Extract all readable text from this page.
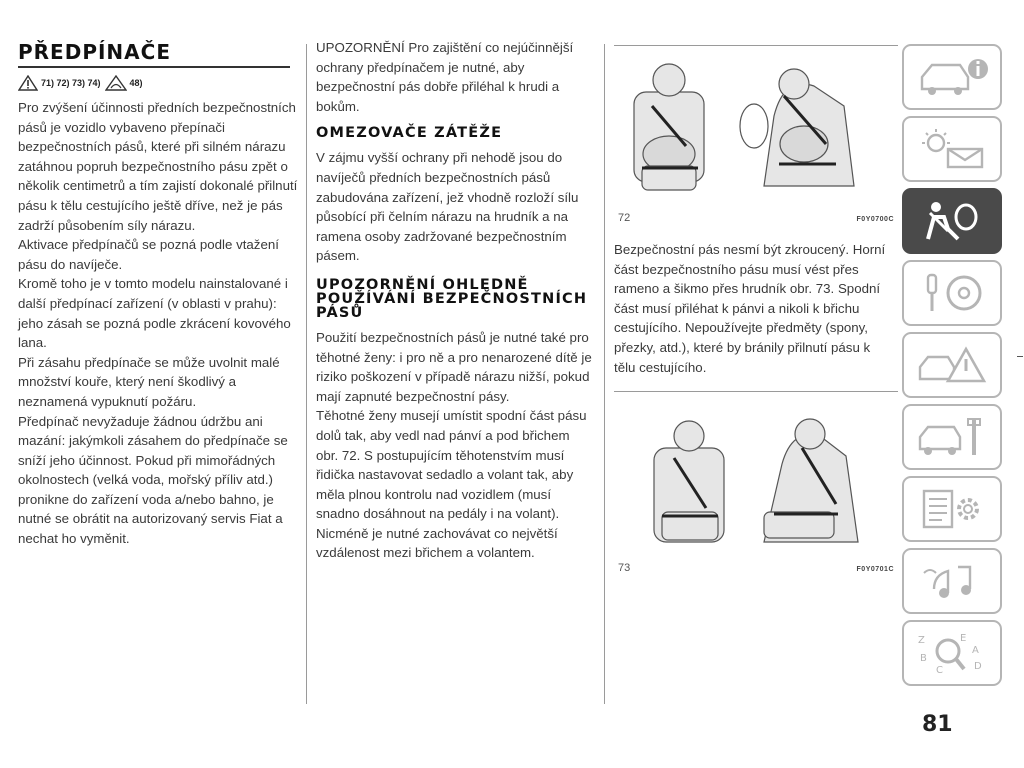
PŘEDPÍNAČE
71) 72) 73) 74)	48)

Pro zvýšení účinnosti předních bezpečnostních pásů je vozidlo vybaveno přepínači bezpečnostních pásů, které při silném nárazu zatáhnou popruh bezpečnostního pásu zpět o několik centimetrů a tím zajistí dokonalé přilnutí pásu k tělu cestujícího ještě dříve, než je pás zadrží působením síly nárazu.

Aktivace předpínačů se pozná podle vtažení pásu do navíječe.

Kromě toho je v tomto modelu nainstalované i další předpínací zařízení (v oblasti v prahu): jeho zásah se pozná podle zkrácení kovového lana.

Při zásahu předpínače se může uvolnit malé množství kouře, který není škodlivý a neznamená vypuknutí požáru.

Předpínač nevyžaduje žádnou údržbu ani mazání: jakýmkoli zásahem do předpínače se sníží jeho účinnost. Pokud při mimořádných okolnostech (velká voda, mořský příliv atd.) pronikne do zařízení voda a/nebo bahno, je nutné se obrátit na autorizovaný servis Fiat a nechat ho vyměnit.

UPOZORNĚNÍ Pro zajištění co nejúčinnější ochrany předpínačem je nutné, aby bezpečnostní pás dobře přiléhal k hrudi a bokům.

OMEZOVAČE ZÁTĚŽE

V zájmu vyšší ochrany při nehodě jsou do navíječů předních bezpečnostních pásů zabudována zařízení, jež vhodně rozloží sílu působící při čelním nárazu na hrudník a na ramena osoby zadržované bezpečnostním pásem.

UPOZORNĚNÍ OHLEDNĚ POUŽÍVÁNÍ BEZPEČNOSTNÍCH PÁSŮ

Použití bezpečnostních pásů je nutné také pro těhotné ženy: i pro ně a pro nenarozené dítě je riziko poškození v případě nárazu nižší, pokud mají zapnuté bezpečnostní pásy.

Těhotné ženy musejí umístit spodní část pásu dolů tak, aby vedl nad pánví a pod břichem obr. 72. S postupujícím těhotenstvím musí řidička nastavovat sedadlo a volant tak, aby měla plnou kontrolu nad vozidlem (musí snadno dosáhnout na pedály i na volant). Nicméně je nutné zachovávat co největší vzdálenost mezi břichem a volantem.

72	F0Y0700C

Bezpečnostní pás nesmí být zkroucený. Horní část bezpečnostního pásu musí vést přes rameno a šikmo přes hrudník obr. 73. Spodní část musí přiléhat k pánvi a nikoli k břichu cestujícího. Nepoužívejte předměty (spony, přezky, atd.), které by bránily přilnutí pásu k tělu cestujícího.

73	F0Y0701C
Z	E
A
B
D
C
81
